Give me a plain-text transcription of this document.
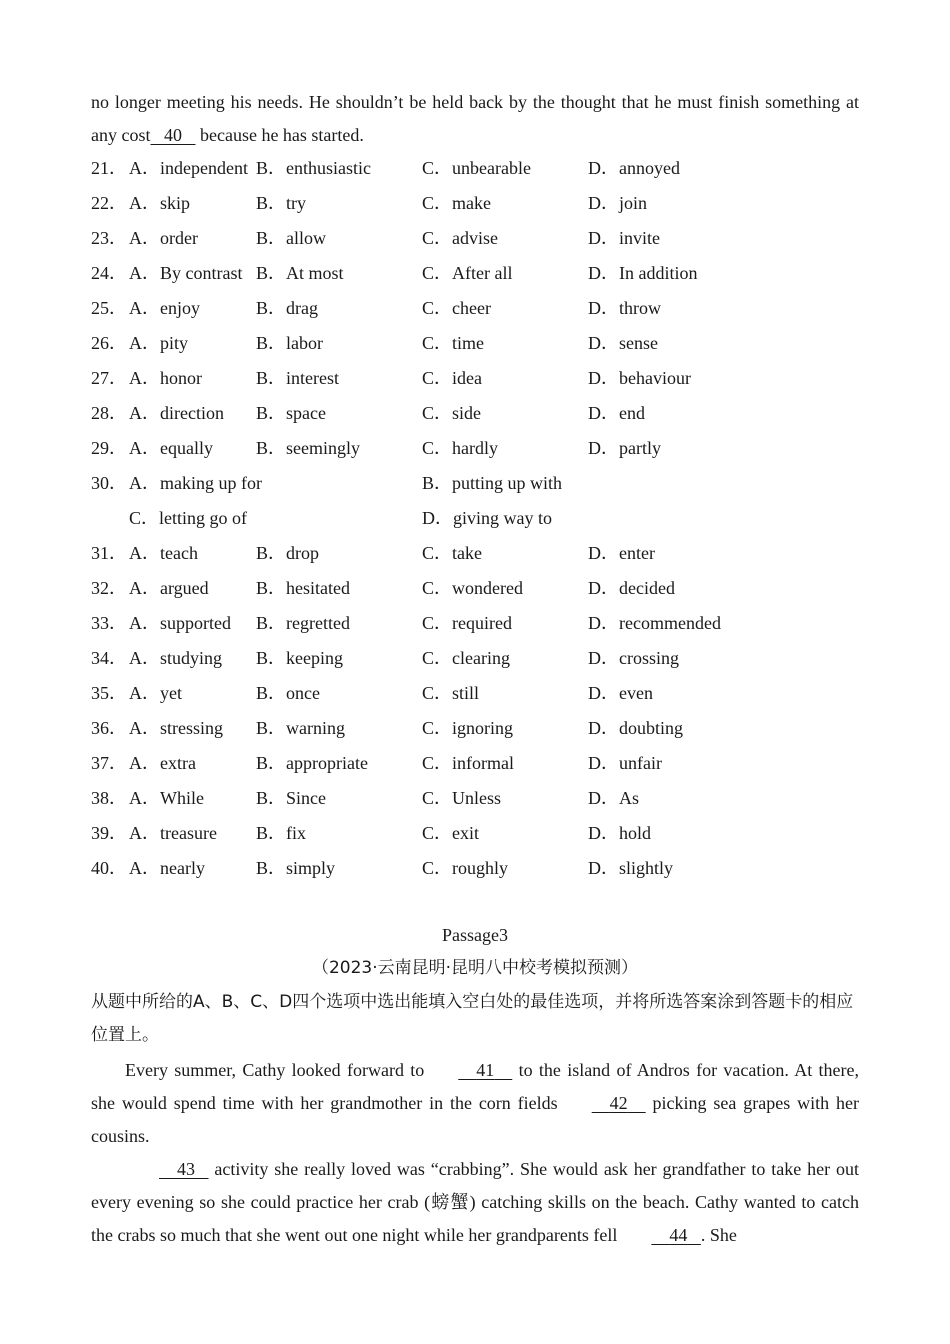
no longer meeting his needs. He shouldn’t be held back by the thought that he must finish something at any cost 40    because he has started.
21． A．independent B．enthusiastic	C．unbearable	D．annoyed
22． A．skip	B．try	C．make	D．join
23． A．order	B．allow	C．advise	D．invite
24． A．By contrast B．At most	C．After all	D．In addition
25． A．enjoy	B．drag	C．cheer	D．throw
26． A．pity	B．labor	C．time	D．sense
27． A．honor	B．interest	C．idea	D．behaviour
28． A．direction B．space	C．side	D．end
29． A．equally B．seemingly	C．hardly	D．partly
30． A．making up for	B．putting up with
C．letting go of	D．giving way to
31． A．teach	B．drop	C．take	D．enter
32． A．argued	B．hesitated	C．wondered	D．decided
33． A．supported B．regretted	C．required	D．recommended
34． A．studying B．keeping	C．clearing	D．crossing
35． A．yet	B．once	C．still	D．even
36． A．stressing B．warning	C．ignoring	D．doubting
37． A．extra	B．appropriate	C．informal	D．unfair
38． A．While	B．Since	C．Unless	D．As
39． A．treasure B．fix	C．exit	D．hold
40． A．nearly	B．simply	C．roughly	D．slightly
Passage3
（2023·云南昆明·昆明八中校考模拟预测）
从题中所给的A、B、C、D四个选项中选出能填入空白处的最佳选项，并将所选答案涂到答题卡的相应位置上。
Every summer, Cathy looked forward to	41     to the island of Andros for vacation. At there, she would spend time with her grandmother in the corn fields	42     picking sea grapes with her cousins.
43    activity she really loved was “crabbing”. She would ask her grandfather to take her out every evening so she could practice her crab (螃蟹) catching skills on the beach. Cathy wanted to catch the crabs so much that she went out one night while her grandparents fell	44 . She
